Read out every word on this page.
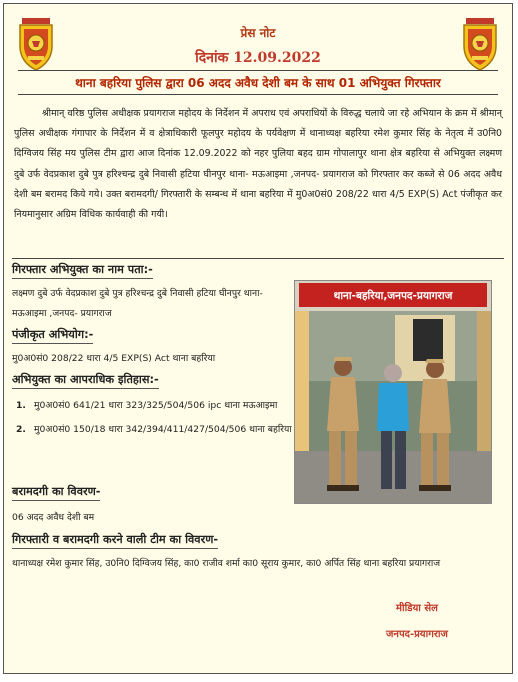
प्रेस नोट
दिनांक 12.09.2022
थाना बहरिया पुलिस द्वारा 06 अदद अवैध देशी बम के साथ 01 अभियुक्त गिरफ्तार

श्रीमान् वरिष्ठ पुलिस अधीक्षक प्रयागराज महोदय के निर्देशन में अपराध एवं अपराधियों के विरुद्ध चलाये जा रहे अभियान के क्रम में श्रीमान् पुलिस अधीक्षक गंगापार के निर्देशन में व क्षेत्राधिकारी फूलपुर महोदय के पर्यवेक्षण में थानाध्यक्ष बहरिया रमेश कुमार सिंह के नेतृत्व में उ0नि0 दिग्विजय सिंह मय पुलिस टीम द्वारा आज दिनांक 12.09.2022 को नहर पुलिया बहद ग्राम गोपालापुर थाना क्षेत्र बहरिया से अभियुक्त लक्ष्मण दुबे उर्फ वेदप्रकाश दुबे पुत्र हरिश्चन्द्र दुबे निवासी हटिया घीनपुर थाना- मऊआइमा ,जनपद- प्रयागराज को गिरफ्तार कर कब्जे से 06 अदद अवैध देशी बम बरामद किये गये। उक्त बरामदगी/ गिरफ्तारी के सम्बन्ध में थाना बहरिया में मु0अ0सं0 208/22 धारा 4/5 EXP(S) Act पंजीकृत कर नियमानुसार अग्रिम विधिक कार्यवाही की गयी।

गिरफ्तार अभियुक्त का नाम पता:-

लक्ष्मण दुबे उर्फ वेदप्रकाश दुबे पुत्र हरिश्चन्द्र दुबे निवासी हटिया घीनपुर थाना- मऊआइमा ,जनपद- प्रयागराज

पंजीकृत अभियोग:-

मु0अ0सं0 208/22 धारा 4/5 EXP(S) Act थाना बहरिया

अभियुक्त का आपराधिक इतिहास:-
1. मु0अ0सं0 641/21 धारा 323/325/504/506 ipc थाना मऊआइमा
2. मु0अ0सं0 150/18 धारा 342/394/411/427/504/506 थाना बहरिया
बरामदगी का विवरण-

06 अदद अवैध देशी बम

गिरफ्तारी व बरामदगी करने वाली टीम का विवरण-

थानाध्यक्ष रमेश कुमार सिंह, उ0नि0 दिग्विजय सिंह, का0 राजीव शर्मा का0 सूराय कुमार, का0 अर्पित सिंह थाना बहरिया प्रयागराज

थाना-बहरिया,जनपद-प्रयागराज
मीडिया सेल
जनपद-प्रयागराज
